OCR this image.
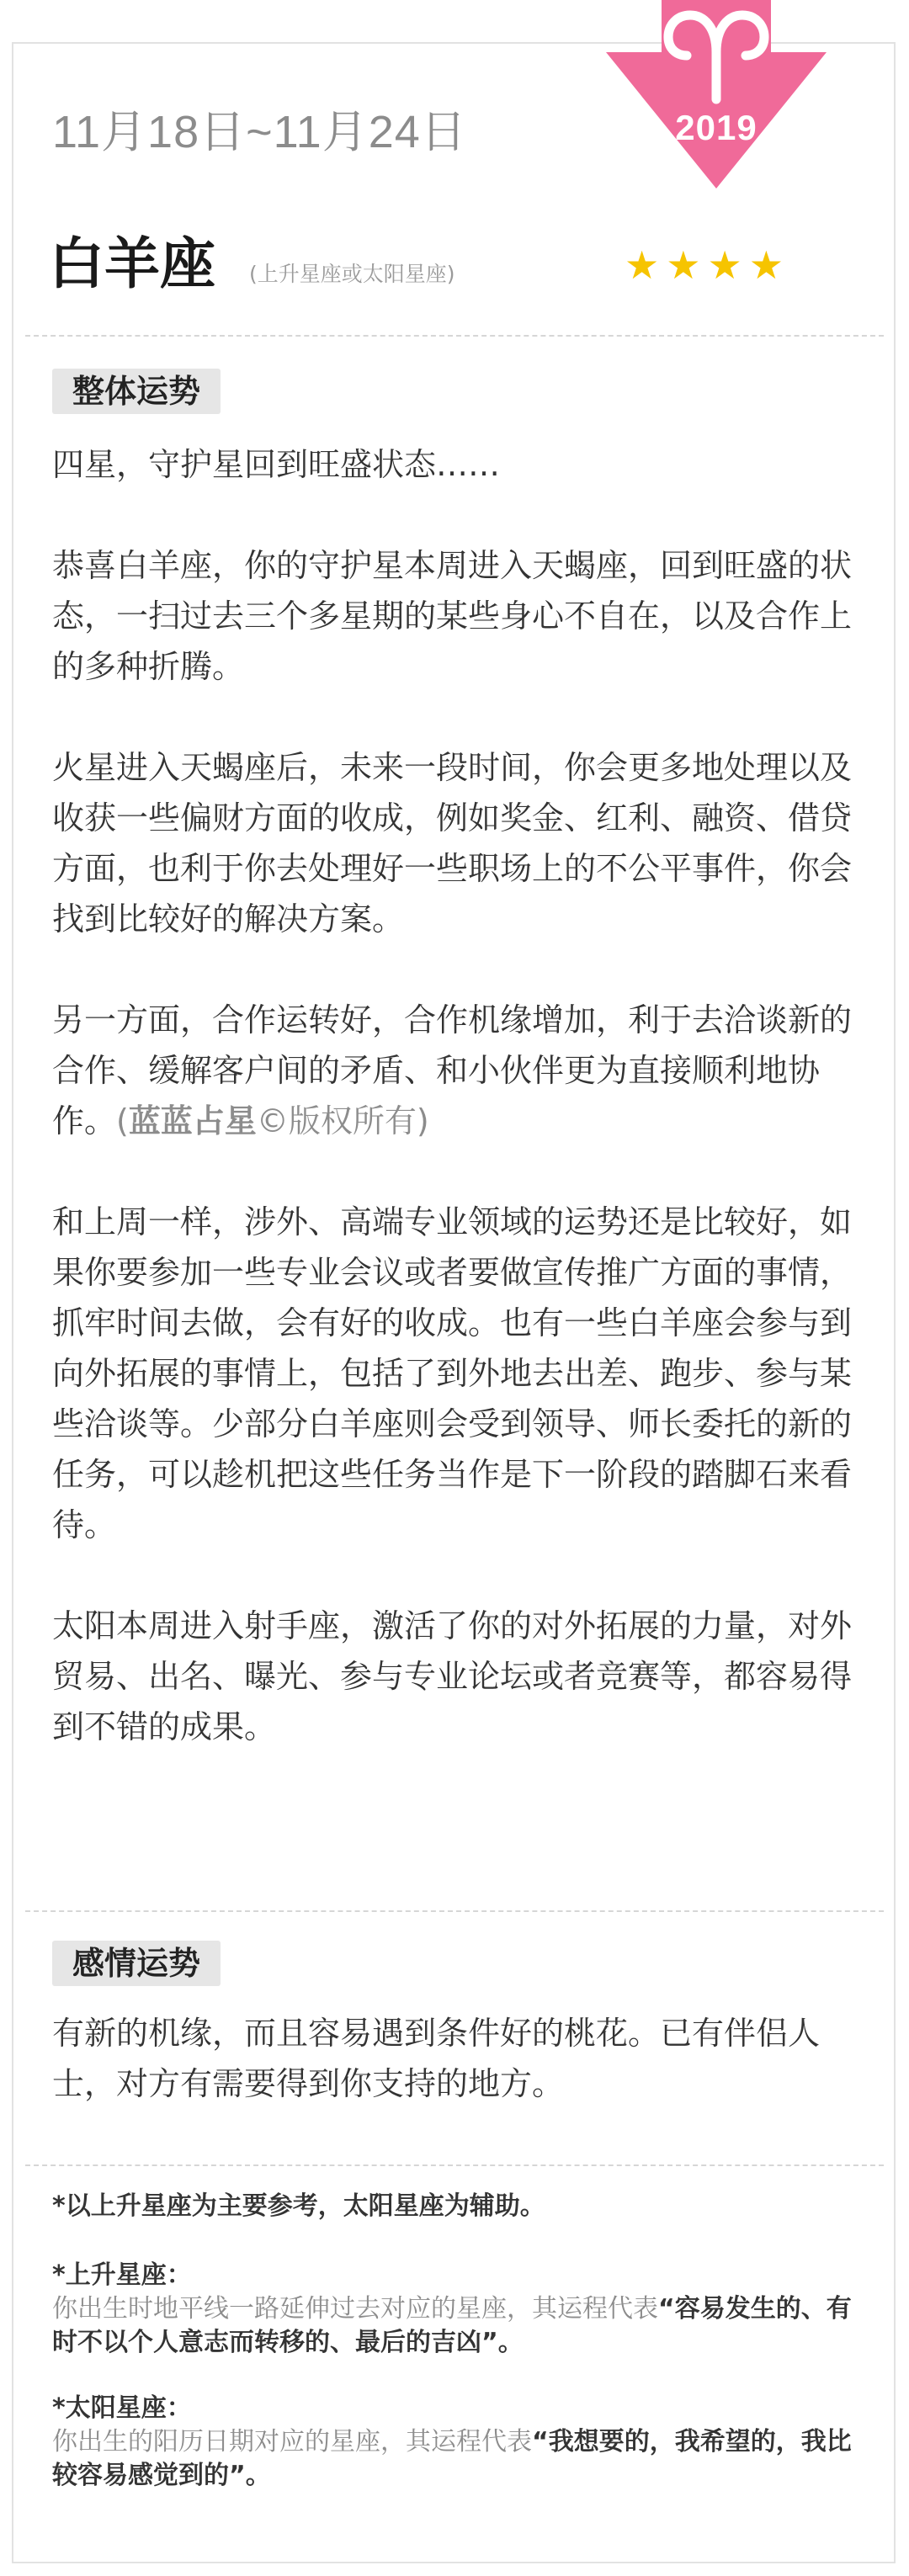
2019
11月18日~11月24日
白羊座 (上升星座或太阳星座)	★★★★
整体运势

四星，守护星回到旺盛状态……

恭喜白羊座，你的守护星本周进入天蝎座，回到旺盛的状态，一扫过去三个多星期的某些身心不自在，以及合作上的多种折腾。

火星进入天蝎座后，未来一段时间，你会更多地处理以及收获一些偏财方面的收成，例如奖金、红利、融资、借贷方面，也利于你去处理好一些职场上的不公平事件，你会找到比较好的解决方案。

另一方面，合作运转好，合作机缘增加，利于去洽谈新的合作、缓解客户间的矛盾、和小伙伴更为直接顺利地协作。(蓝蓝占星©版权所有)

和上周一样，涉外、高端专业领域的运势还是比较好，如果你要参加一些专业会议或者要做宣传推广方面的事情，抓牢时间去做，会有好的收成。也有一些白羊座会参与到向外拓展的事情上，包括了到外地去出差、跑步、参与某些洽谈等。少部分白羊座则会受到领导、师长委托的新的任务，可以趁机把这些任务当作是下一阶段的踏脚石来看待。

太阳本周进入射手座，激活了你的对外拓展的力量，对外贸易、出名、曝光、参与专业论坛或者竞赛等，都容易得到不错的成果。

感情运势

有新的机缘，而且容易遇到条件好的桃花。已有伴侣人士，对方有需要得到你支持的地方。

*以上升星座为主要参考，太阳星座为辅助。
*上升星座：
你出生时地平线一路延伸过去对应的星座，其运程代表“容易发生的、有时不以个人意志而转移的、最后的吉凶”。
*太阳星座：
你出生的阳历日期对应的星座，其运程代表“我想要的，我希望的，我比较容易感觉到的”。
